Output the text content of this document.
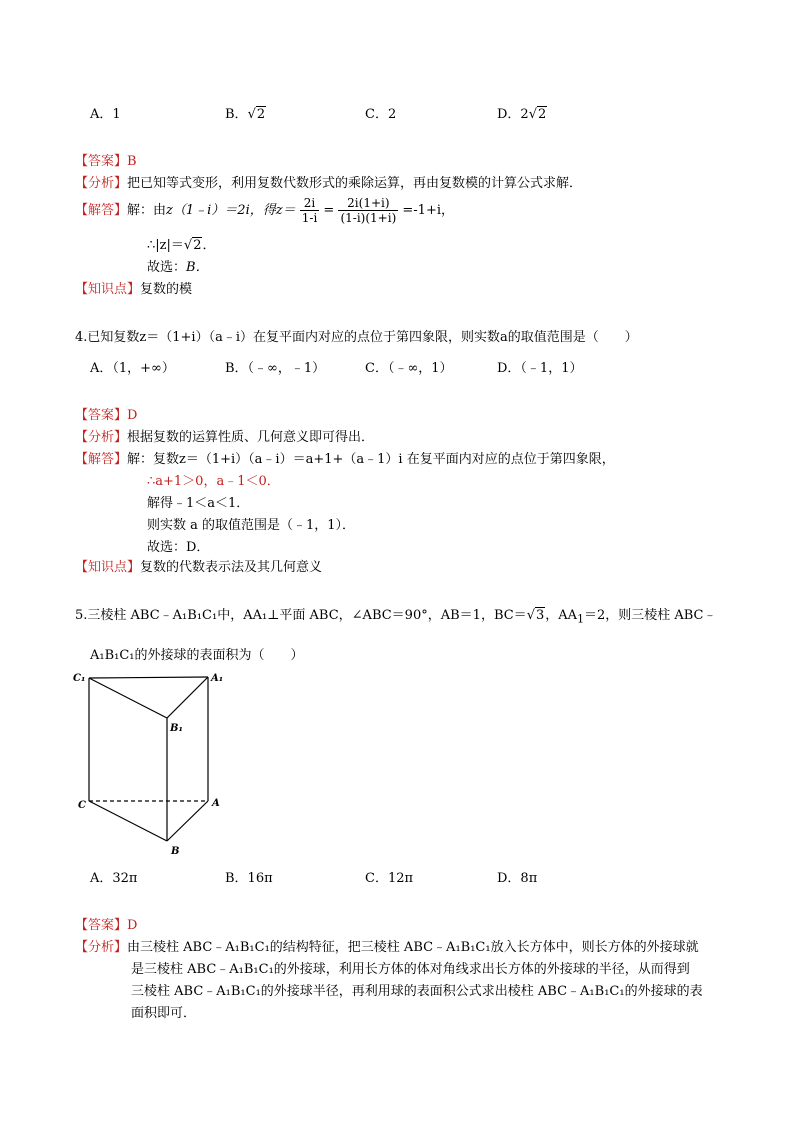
A．1	B．√2	C．2	D．2√2
【答案】B
【分析】把已知等式变形，利用复数代数形式的乘除运算，再由复数模的计算公式求解．
【解答】解：由z（1﹣i）＝2i，得$z= \frac{2i}{1-i} = \frac{2i(1+i)}{(1-i)(1+i)} =-1+i$，
∴|z|＝√2．
故选：B．
【知识点】复数的模
4.已知复数z＝（1+i）（a﹣i）在复平面内对应的点位于第四象限，则实数a的取值范围是（　　）
A．（1，+∞）	B．（﹣∞，﹣1）	C．（﹣∞，1）	D．（﹣1，1）
【答案】D
【分析】根据复数的运算性质、几何意义即可得出．
【解答】解：复数z＝（1+i）（a﹣i）＝a+1+（a﹣1）i 在复平面内对应的点位于第四象限，
∴a+1＞0，a﹣1＜0．
解得﹣1＜a＜1．
则实数 a 的取值范围是（﹣1，1）．
故选：D．
【知识点】复数的代数表示法及其几何意义
5.三棱柱 ABC﹣A₁B₁C₁中，AA₁⊥平面 ABC，∠ABC＝90°，AB＝1，BC＝√3，$AA_1=2$，则三棱柱 ABC﹣
A₁B₁C₁的外接球的表面积为（　　）
C₁	A₁
B₁
C	A
B
A．32π	B．16π	C．12π	D．8π
【答案】D
【分析】由三棱柱 ABC﹣A₁B₁C₁的结构特征，把三棱柱 ABC﹣A₁B₁C₁放入长方体中，则长方体的外接球就
是三棱柱 ABC﹣A₁B₁C₁的外接球，利用长方体的体对角线求出长方体的外接球的半径，从而得到
三棱柱 ABC﹣A₁B₁C₁的外接球半径，再利用球的表面积公式求出棱柱 ABC﹣A₁B₁C₁的外接球的表
面积即可．
